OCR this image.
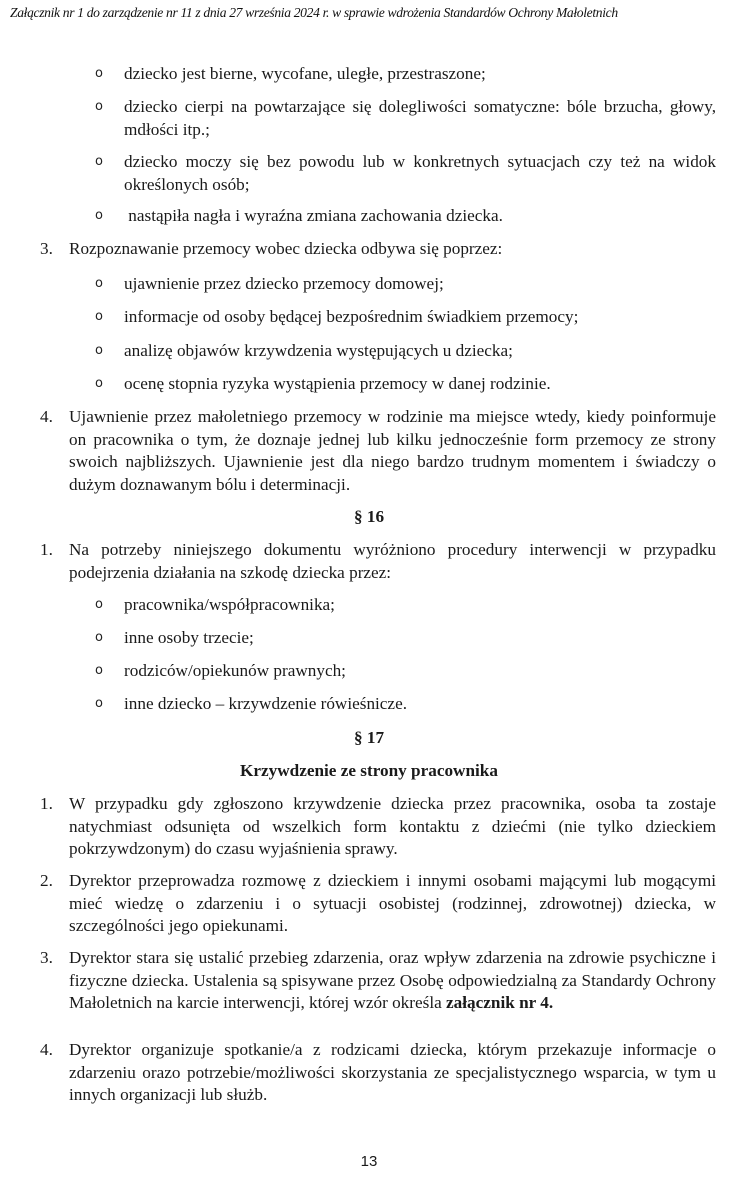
Załącznik nr 1 do zarządzenie nr 11 z dnia 27 września 2024 r. w sprawie wdrożenia Standardów Ochrony Małoletnich
o dziecko jest bierne, wycofane, uległe, przestraszone;
o dziecko cierpi na powtarzające się dolegliwości somatyczne: bóle brzucha, głowy, mdłości itp.;
o dziecko moczy się bez powodu lub w konkretnych sytuacjach czy też na widok określonych osób;
o nastąpiła nagła i wyraźna zmiana zachowania dziecka.
3. Rozpoznawanie przemocy wobec dziecka odbywa się poprzez:
o ujawnienie przez dziecko przemocy domowej;
o informacje od osoby będącej bezpośrednim świadkiem przemocy;
o analizę objawów krzywdzenia występujących u dziecka;
o ocenę stopnia ryzyka wystąpienia przemocy w danej rodzinie.
4. Ujawnienie przez małoletniego przemocy w rodzinie ma miejsce wtedy, kiedy poinformuje on pracownika o tym, że doznaje jednej lub kilku jednocześnie form przemocy ze strony swoich najbliższych. Ujawnienie jest dla niego bardzo trudnym momentem i świadczy o dużym doznawanym bólu i determinacji.
§ 16
1. Na potrzeby niniejszego dokumentu wyróżniono procedury interwencji w przypadku podejrzenia działania na szkodę dziecka przez:
o pracownika/współpracownika;
o inne osoby trzecie;
o rodziców/opiekunów prawnych;
o inne dziecko – krzywdzenie rówieśnicze.
§ 17
Krzywdzenie ze strony pracownika
1. W przypadku gdy zgłoszono krzywdzenie dziecka przez pracownika, osoba ta zostaje natychmiast odsunięta od wszelkich form kontaktu z dziećmi (nie tylko dzieckiem pokrzywdzonym) do czasu wyjaśnienia sprawy.
2. Dyrektor przeprowadza rozmowę z dzieckiem i innymi osobami mającymi lub mogącymi mieć wiedzę o zdarzeniu i o sytuacji osobistej (rodzinnej, zdrowotnej) dziecka, w szczególności jego opiekunami.
3. Dyrektor stara się ustalić przebieg zdarzenia, oraz wpływ zdarzenia na zdrowie psychiczne i fizyczne dziecka. Ustalenia są spisywane przez Osobę odpowiedzialną za Standardy Ochrony Małoletnich na karcie interwencji, której wzór określa załącznik nr 4.
4. Dyrektor organizuje spotkanie/a z rodzicami dziecka, którym przekazuje informacje o zdarzeniu orazo potrzebie/możliwości skorzystania ze specjalistycznego wsparcia, w tym u innych organizacji lub służb.
13
